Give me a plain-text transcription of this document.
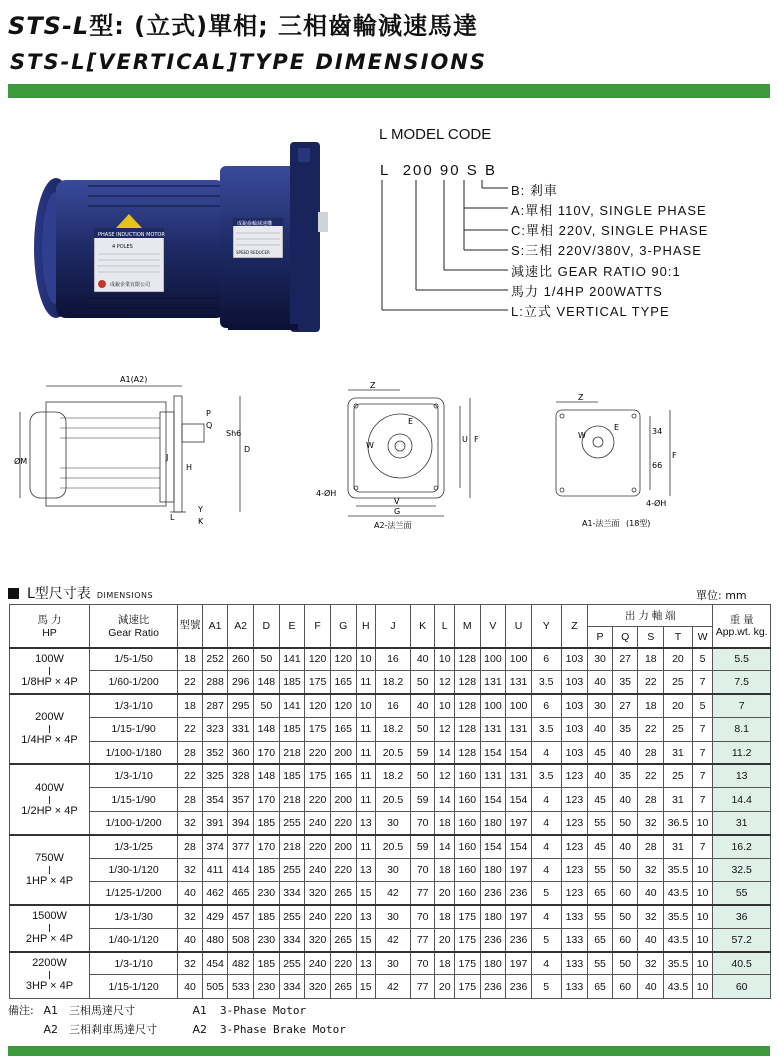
STS-L型: (立式)單相; 三相齒輪減速馬達
STS-L[VERTICAL]TYPE DIMENSIONS
PHASE INDUCTION MOTOR
4 POLES
成銳企業有限公司
成銳齒輪減速機
SPEED REDUCER
L MODEL CODE
L 200 90 S B
B: 剎車
A:單相 110V, SINGLE PHASE
C:單相 220V, SINGLE PHASE
S:三相 220V/380V, 3-PHASE
減速比 GEAR RATIO 90:1
馬力 1/4HP 200WATTS
L:立式 VERTICAL TYPE
A1(A2)
P
Q
Sh6
ØM	J
D
H
L
Y
K
Z
W
E
U F
4-ØH
V
G
A2-法兰面
Z
W
E	34
66
F
4-ØH
A1-法兰面 (18型)
L型尺寸表 DIMENSIONS	單位: mm
馬 力
HP	減速比
Gear Ratio	型號	A1	A2	D	E	F	G	H	J	K	L	M	V	U	Y	Z	出 力 軸 端					重 量
App.wt. kg.
																		P	Q	S	T	W	
100W
1/8HP × 4P	1/5-1/50	18	252	260	50	141	120	120	10	16	40	10	128	100	100	6	103	30	27	18	20	5	5.5
	1/60-1/200	22	288	296	148	185	175	165	11	18.2	50	12	128	131	131	3.5	103	40	35	22	25	7	7.5
200W
1/4HP × 4P	1/3-1/10	18	287	295	50	141	120	120	10	16	40	10	128	100	100	6	103	30	27	18	20	5	7
	1/15-1/90	22	323	331	148	185	175	165	11	18.2	50	12	128	131	131	3.5	103	40	35	22	25	7	8.1
	1/100-1/180	28	352	360	170	218	220	200	11	20.5	59	14	128	154	154	4	103	45	40	28	31	7	11.2
400W
1/2HP × 4P	1/3-1/10	22	325	328	148	185	175	165	11	18.2	50	12	160	131	131	3.5	123	40	35	22	25	7	13
	1/15-1/90	28	354	357	170	218	220	200	11	20.5	59	14	160	154	154	4	123	45	40	28	31	7	14.4
	1/100-1/200	32	391	394	185	255	240	220	13	30	70	18	160	180	197	4	123	55	50	32	36.5	10	31
750W
1HP × 4P	1/3-1/25	28	374	377	170	218	220	200	11	20.5	59	14	160	154	154	4	123	45	40	28	31	7	16.2
	1/30-1/120	32	411	414	185	255	240	220	13	30	70	18	160	180	197	4	123	55	50	32	35.5	10	32.5
	1/125-1/200	40	462	465	230	334	320	265	15	42	77	20	160	236	236	5	123	65	60	40	43.5	10	55
1500W
2HP × 4P	1/3-1/30	32	429	457	185	255	240	220	13	30	70	18	175	180	197	4	133	55	50	32	35.5	10	36
	1/40-1/120	40	480	508	230	334	320	265	15	42	77	20	175	236	236	5	133	65	60	40	43.5	10	57.2
2200W
3HP × 4P	1/3-1/10	32	454	482	185	255	240	220	13	30	70	18	175	180	197	4	133	55	50	32	35.5	10	40.5
	1/15-1/120	40	505	533	230	334	320	265	15	42	77	20	175	236	236	5	133	65	60	40	43.5	10	60
備注: A1 三相馬達尺寸	A1 3-Phase Motor
A2 三相剎車馬達尺寸	A2 3-Phase Brake Motor
